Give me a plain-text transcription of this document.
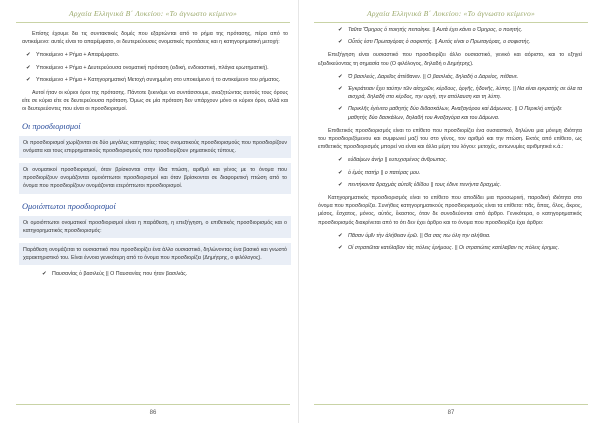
Αρχαία Ελληνικά Β΄ Λυκείου: «Το άγνωστο κείμενο»

Επίσης έχουμε δει τις συντακτικές δομές που εξαρτώνται από το ρήμα της πρότασης, πέρα από το αντικείμενο: αυτές είναι το απαρέμφατο, οι δευτερεύουσες ονοματικές προτάσεις και η κατηγορηματική μετοχή:

✔ Υποκείμενο + Ρήμα + Απαρέμφατο.
✔ Υποκείμενο + Ρήμα + Δευτερεύουσα ονοματική πρόταση (ειδική, ενδοιαστική, πλάγια ερωτηματική).
✔ Υποκείμενο + Ρήμα + Κατηγορηματική Μετοχή συνημμένη στο υποκείμενο ή το αντικείμενο του ρήματος.

Αυτοί ήταν οι κύριοι όροι της πρότασης. Πάντοτε ξεκινάμε να συντάσσουμε, αναζητώντας αυτούς τους όρους είτε σε κύρια είτε σε δευτερεύουσα πρόταση. Όμως σε μία πρόταση δεν υπάρχουν μόνο οι κύριοι όροι, αλλά και οι δευτερεύοντες που είναι οι προσδιορισμοί.

Οι προσδιορισμοί

Οι προσδιορισμοί χωρίζονται σε δύο μεγάλες κατηγορίες: τους ονοματικούς προσδιορισμούς που προσδιορίζουν ονόματα και τους επιρρηματικούς προσδιορισμούς που προσδιορίζουν ρηματικούς τύπους.

Οι ονοματικοί προσδιορισμοί, όταν βρίσκονται στην ίδια πτώση, αριθμό και γένος με το όνομα που προσδιορίζουν ονομάζονται ομοιόπτωτοι προσδιορισμοί και όταν βρίσκονται σε διαφορετική πτώση από το όνομα που προσδιορίζουν ονομάζονται ετερόπτωτοι προσδιορισμοί.

Ομοιόπτωτοι προσδιορισμοί

Οι ομοιόπτωτοι ονοματικοί προσδιορισμοί είναι η παράθεση, η επεξήγηση, ο επιθετικός προσδιορισμός και ο κατηγορηματικός προσδιορισμός:

Παράθεση ονομάζεται το ουσιαστικό που προσδιορίζει ένα άλλο ουσιαστικό, δηλώνοντας ένα βασικό και γνωστό χαρακτηριστικό του. Είναι έννοια γενικότερη από το όνομα που προσδιορίζει (Δημήτρης, ο φιλόλογος).

✔ Παυσανίας ὁ βασιλεὺς || Ο Παυσανίας που ήταν βασιλιάς.
86
Αρχαία Ελληνικά Β΄ Λυκείου: «Το άγνωστο κείμενο»
✔ Ταῦτα Ὅμηρος ὁ ποιητής πεποίηκε. || Αυτά έχει κάνει ο Όμηρος, ο ποιητής.
✔ Οὗτός ἐστι Πρωταγόρας ὁ σοφιστής. || Αυτός είναι ο Πρωταγόρας, ο σοφιστής.

Επεξήγηση είναι ουσιαστικό που προσδιορίζει άλλο ουσιαστικό, γενικό και αόριστο, και το εξηγεί εξειδικεύοντας τη σημασία του (Ο φιλόλογος, δηλαδή ο Δημήτρης).

✔ Ὁ βασιλεύς, Δαρεῖος ἀπέθανεν. || Ο βασιλιάς, δηλαδή ο Δαρείος, πέθανε.
✔ Ἐγκράτειαν ἔχει ταύτην τῶν αἰσχρῶν, κέρδους, ὀργῆς, ἡδονῆς, λύπης. || Να είναι εγκρατής σε όλα τα αισχρά, δηλαδή στο κέρδος, την οργή, την απόλαυση και τη λύπη.
✔ Περικλῆς ἐγένετο μαθητής δύο διδασκάλων, Ἀναξαγόρου καὶ Δάμωνος. || Ο Περικλή υπήρξε μαθητής δύο δασκάλων, δηλαδή του Αναξαγόρα και του Δάμωνα.

Επιθετικός προσδιορισμός είναι το επίθετο που προσδιορίζει ένα ουσιαστικό, δηλώνει μια μόνιμη ιδιότητα του προσδιοριζόμενου και συμφωνεί μαζί του στο γένος, τον αριθμό και την πτώση. Εκτός από επίθετο, ως επιθετικός προσδιορισμός μπορεί να είναι και άλλα μέρη του λόγου: μετοχές, αντωνυμίες αριθμητικά κ.ά.:

✔ εὐδαίμων ἀνήρ || ευτυχισμένος άνθρωπος.
✔ ὁ ἐμὸς πατήρ || ο πατέρας μου.
✔ πεντήκοντα δραχμὰς αὐτοῖς ἐδίδου || τους έδινε πενήντα δραχμές.

Κατηγορηματικός προσδιορισμός είναι το επίθετο που αποδίδει μια προσωρινή, παροδική ιδιότητα στο όνομα που προσδιορίζει. Συνήθεις κατηγορηματικούς προσδιορισμούς είναι τα επίθετα: πᾶς, ἅπας, ὅλος, ἄκρος, μέσος, ἔσχατος, μόνος, αὐτός, ἕκαστος, όταν δε συνοδεύονται από άρθρο. Γενικότερα, ο κατηγορηματικός προσδιορισμός διακρίνεται από το ότι δεν έχει άρθρο και το όνομα που προσδιορίζει έχει άρθρο:

✔ Πᾶσαν ὑμῖν τὴν ἀλήθειαν ἐρῶ. || Θα σας πω όλη την αλήθεια.
✔ Οἱ στρατιῶται κατέλαβον τὰς πόλεις ἐρήμους. || Οι στρατιώτες κατέλαβαν τις πόλεις έρημες.
87
